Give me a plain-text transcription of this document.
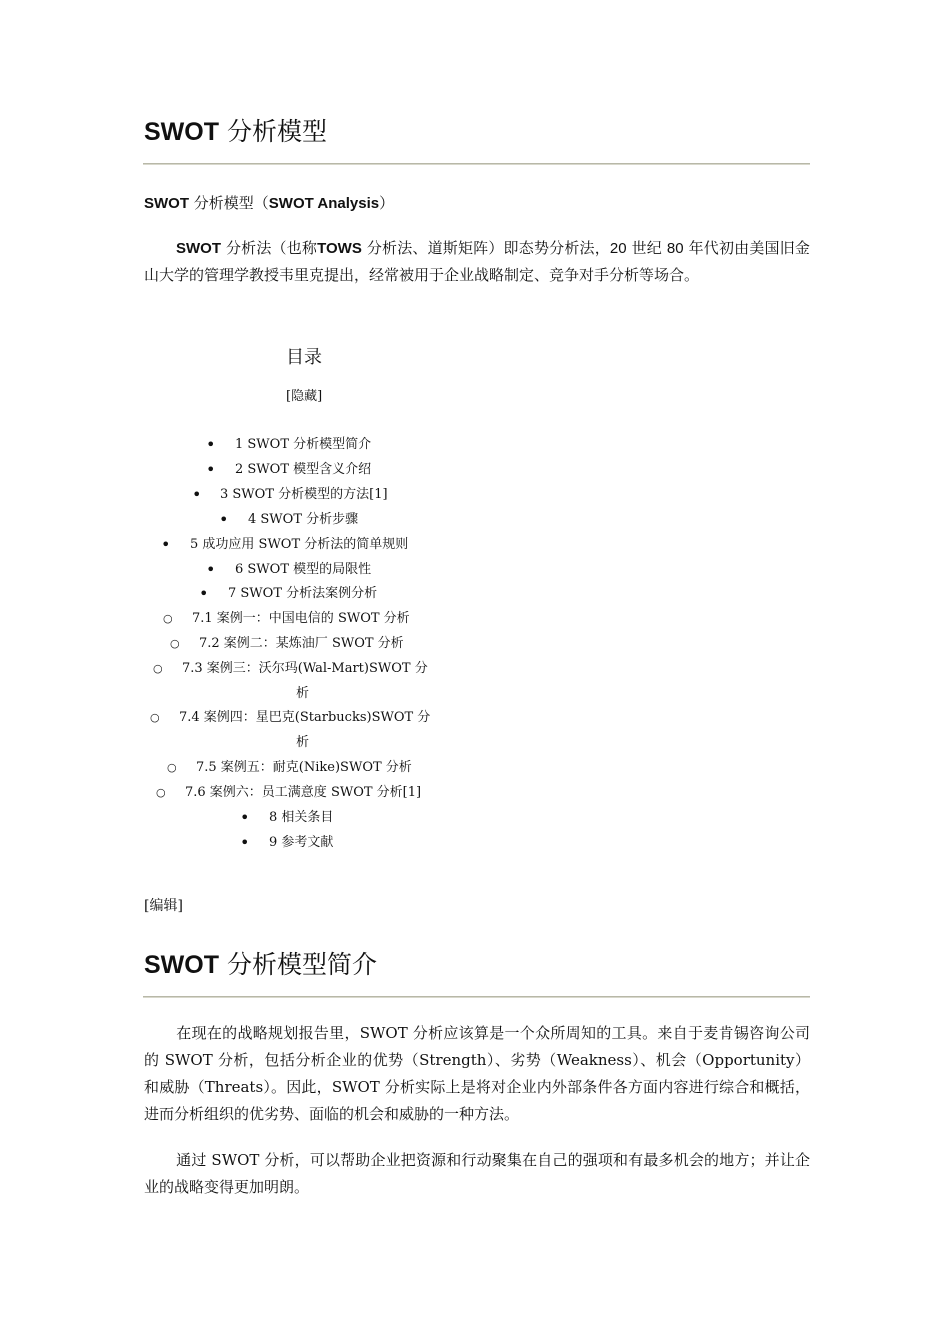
SWOT 分析模型
SWOT 分析模型（SWOT Analysis）
SWOT 分析法（也称TOWS 分析法、道斯矩阵）即态势分析法，20 世纪 80 年代初由美国旧金山大学的管理学教授韦里克提出，经常被用于企业战略制定、竞争对手分析等场合。
目录
[隐藏]
• 1 SWOT 分析模型简介
• 2 SWOT 模型含义介绍
• 3 SWOT 分析模型的方法[1]
• 4 SWOT 分析步骤
• 5 成功应用 SWOT 分析法的简单规则
• 6 SWOT 模型的局限性
• 7 SWOT 分析法案例分析
○ 7.1 案例一：中国电信的 SWOT 分析
○ 7.2 案例二：某炼油厂 SWOT 分析
○ 7.3 案例三：沃尔玛(Wal-Mart)SWOT 分
析
○ 7.4 案例四：星巴克(Starbucks)SWOT 分
析
○ 7.5 案例五：耐克(Nike)SWOT 分析
○ 7.6 案例六：员工满意度 SWOT 分析[1]
• 8 相关条目
• 9 参考文献
[编辑]
SWOT 分析模型简介
在现在的战略规划报告里，SWOT 分析应该算是一个众所周知的工具。来自于麦肯锡咨询公司的 SWOT 分析，包括分析企业的优势（Strength）、劣势（Weakness）、机会（Opportunity）和威胁（Threats）。因此，SWOT 分析实际上是将对企业内外部条件各方面内容进行综合和概括，进而分析组织的优劣势、面临的机会和威胁的一种方法。
通过 SWOT 分析，可以帮助企业把资源和行动聚集在自己的强项和有最多机会的地方；并让企业的战略变得更加明朗。
